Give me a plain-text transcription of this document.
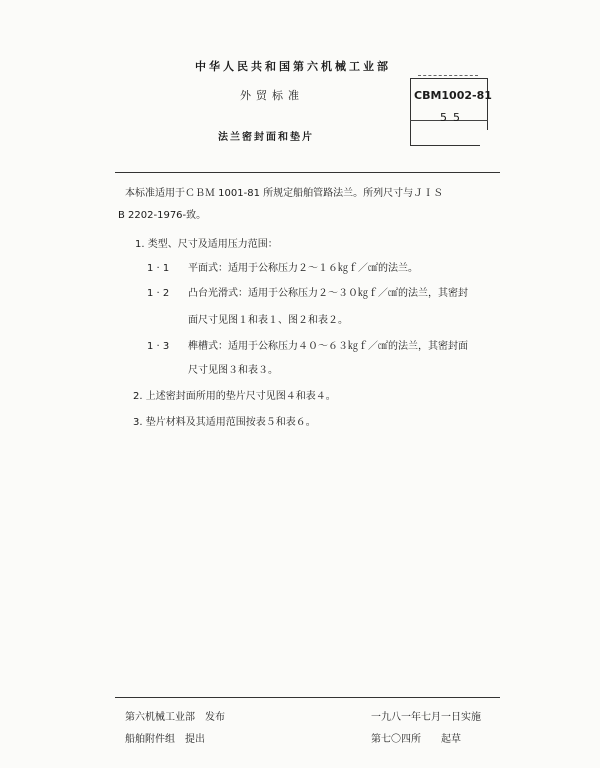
中华人民共和国第六机械工业部
外贸标准
法兰密封面和垫片
CBM1002-81
55
本标准适用于ＣＢＭ 1001-81 所规定船舶管路法兰。所列尺寸与ＪＩＳ
B 2202-1976-致。
1. 类型、尺寸及适用压力范围：
1 · 1 平面式：适用于公称压力２～１６㎏ｆ／㎠的法兰。
1 · 2 凸台光滑式：适用于公称压力２～３０㎏ｆ／㎠的法兰，其密封
面尺寸见图１和表１、图２和表２。
1 · 3 榫槽式：适用于公称压力４０～６３㎏ｆ／㎠的法兰，其密封面
尺寸见图３和表３。
2. 上述密封面所用的垫片尺寸见图４和表４。
3. 垫片材料及其适用范围按表５和表６。
第六机械工业部　发布	一九八一年七月一日实施
船舶附件组　提出	第七〇四所　　起草
